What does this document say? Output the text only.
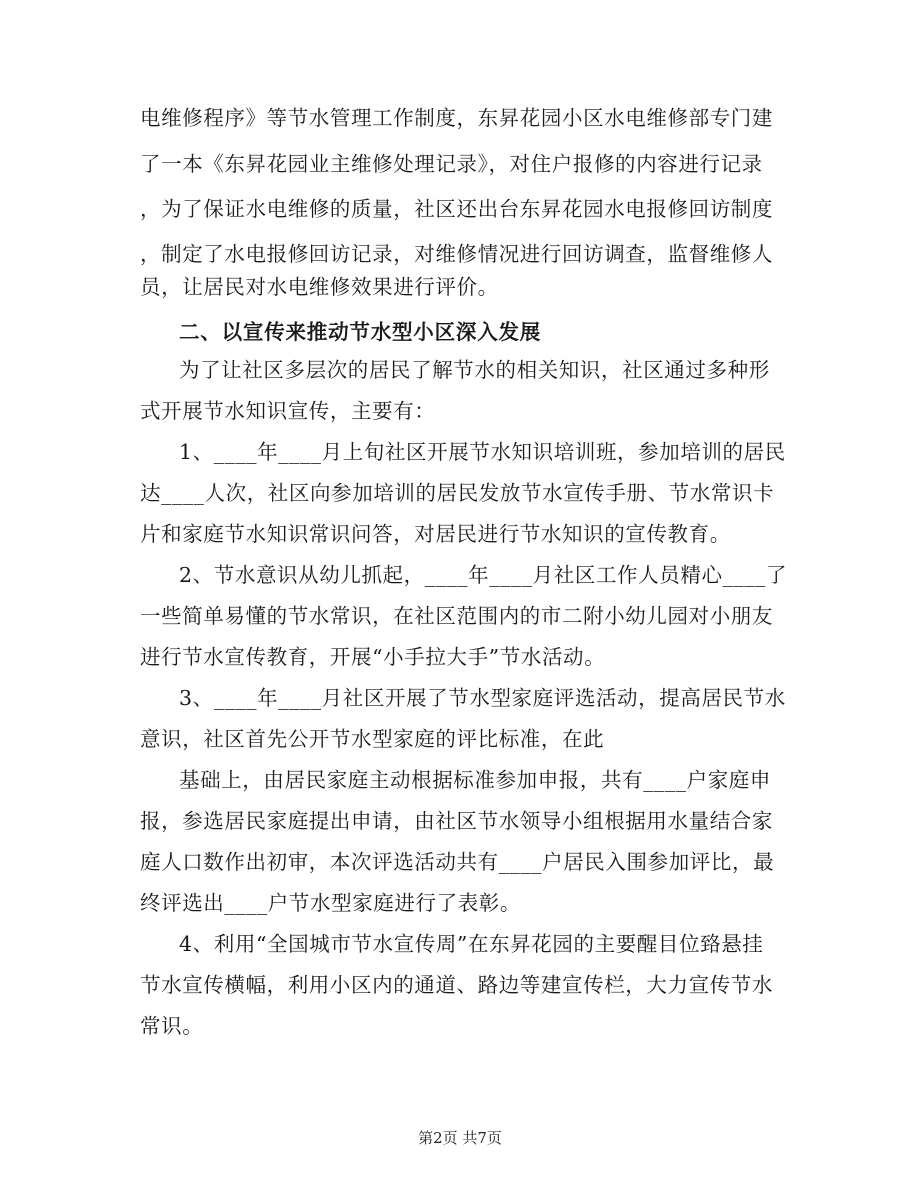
电维修程序》等节水管理工作制度，东昇花园小区水电维修部专门建
了一本《东昇花园业主维修处理记录》，对住户报修的内容进行记录
，为了保证水电维修的质量，社区还出台东昇花园水电报修回访制度
，制定了水电报修回访记录，对维修情况进行回访调查，监督维修人
员，让居民对水电维修效果进行评价。
二、以宣传来推动节水型小区深入发展
为了让社区多层次的居民了解节水的相关知识，社区通过多种形
式开展节水知识宣传，主要有：
1、____年____月上旬社区开展节水知识培训班，参加培训的居民
达____人次，社区向参加培训的居民发放节水宣传手册、节水常识卡
片和家庭节水知识常识问答，对居民进行节水知识的宣传教育。
2、节水意识从幼儿抓起，____年____月社区工作人员精心____了
一些简单易懂的节水常识，在社区范围内的市二附小幼儿园对小朋友
进行节水宣传教育，开展“小手拉大手”节水活动。
3、____年____月社区开展了节水型家庭评选活动，提高居民节水
意识，社区首先公开节水型家庭的评比标准，在此
基础上，由居民家庭主动根据标准参加申报，共有____户家庭申
报，参选居民家庭提出申请，由社区节水领导小组根据用水量结合家
庭人口数作出初审，本次评选活动共有____户居民入围参加评比，最
终评选出____户节水型家庭进行了表彰。
4、利用“全国城市节水宣传周”在东昇花园的主要醒目位臵悬挂
节水宣传横幅，利用小区内的通道、路边等建宣传栏，大力宣传节水
常识。
第2页 共7页
